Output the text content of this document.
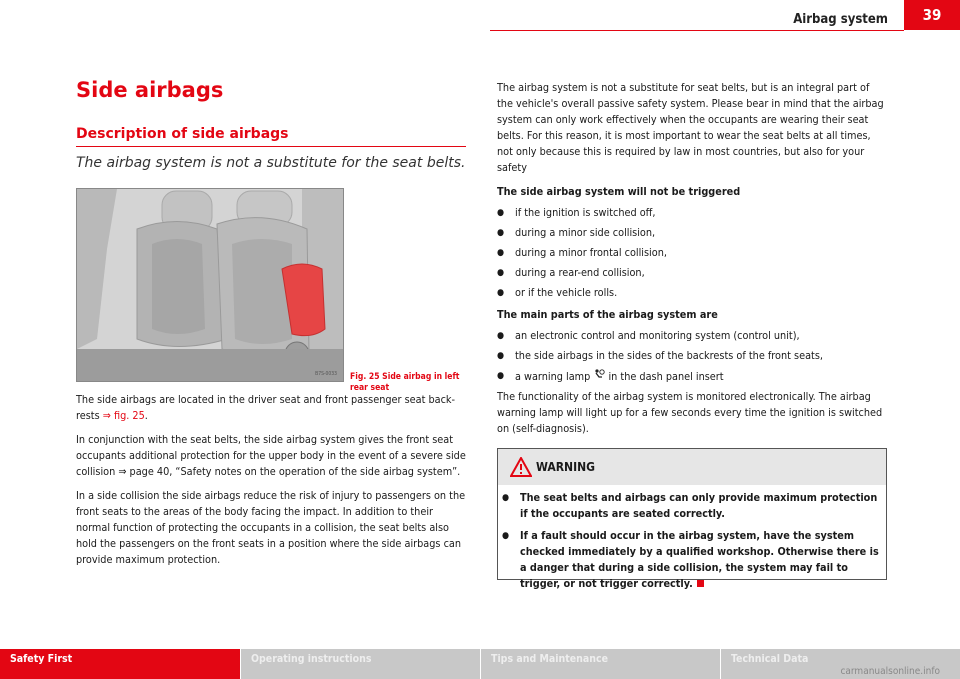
Airbag system	39
Side airbags
Description of side airbags
The airbag system is not a substitute for the seat belts.
B7S-0033 Fig. 25 Side airbag in left rear seat

The side airbags are located in the driver seat and front passenger seat back-rests ⇒ fig. 25.

In conjunction with the seat belts, the side airbag system gives the front seat occupants additional protection for the upper body in the event of a severe side collision ⇒ page 40, “Safety notes on the operation of the side airbag system”.

In a side collision the side airbags reduce the risk of injury to passengers on the front seats to the areas of the body facing the impact. In addition to their normal function of protecting the occupants in a collision, the seat belts also hold the passengers on the front seats in a position where the side airbags can provide maximum protection.

The airbag system is not a substitute for seat belts, but is an integral part of the vehicle's overall passive safety system. Please bear in mind that the airbag system can only work effectively when the occupants are wearing their seat belts. For this reason, it is most important to wear the seat belts at all times, not only because this is required by law in most countries, but also for your safety

The side airbag system will not be triggered
● if the ignition is switched off,
● during a minor side collision,
● during a minor frontal collision,
● during a rear-end collision,
● or if the vehicle rolls.
The main parts of the airbag system are
● an electronic control and monitoring system (control unit),
● the side airbags in the sides of the backrests of the front seats,
● a warning lamp  in the dash panel insert

The functionality of the airbag system is monitored electronically. The airbag warning lamp will light up for a few seconds every time the ignition is switched on (self-diagnosis).

WARNING
● The seat belts and airbags can only provide maximum protection if the occupants are seated correctly.
● If a fault should occur in the airbag system, have the system checked immediately by a qualified workshop. Otherwise there is a danger that during a side collision, the system may fail to trigger, or not trigger correctly.
Safety First	Operating instructions	Tips and Maintenance	Technical Data
carmanualsonline.info
